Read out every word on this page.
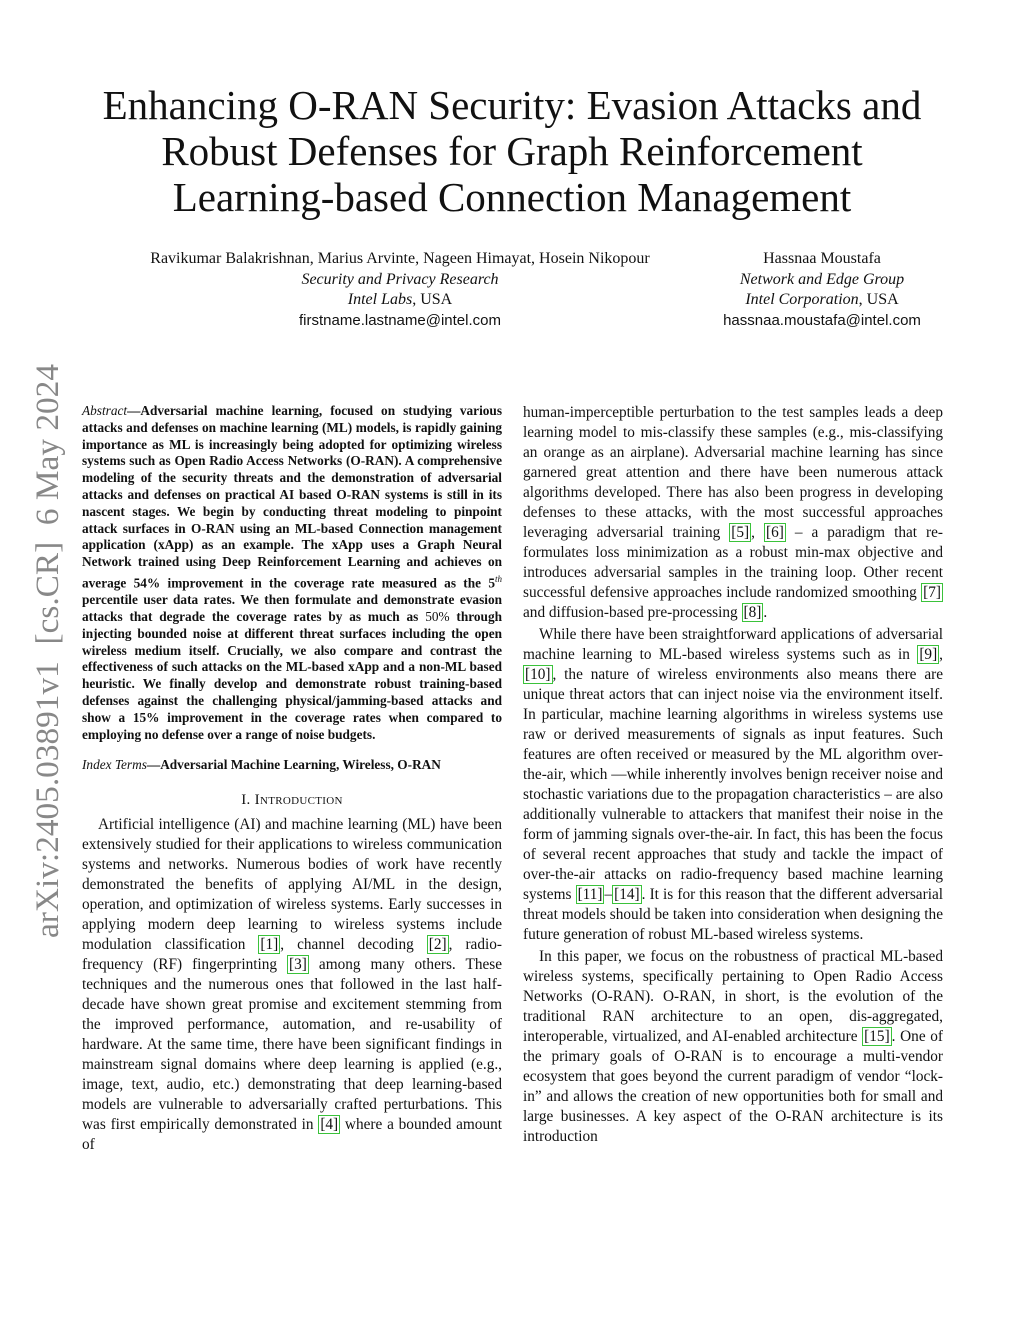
arXiv:2405.03891v1  [cs.CR]  6 May 2024
Enhancing O-RAN Security: Evasion Attacks and
Robust Defenses for Graph Reinforcement
Learning-based Connection Management
Ravikumar Balakrishnan, Marius Arvinte, Nageen Himayat, Hosein Nikopour
Security and Privacy Research
Intel Labs, USA
firstname.lastname@intel.com
Hassnaa Moustafa
Network and Edge Group
Intel Corporation, USA
hassnaa.moustafa@intel.com

Abstract—Adversarial machine learning, focused on studying various attacks and defenses on machine learning (ML) models, is rapidly gaining importance as ML is increasingly being adopted for optimizing wireless systems such as Open Radio Access Networks (O-RAN). A comprehensive modeling of the security threats and the demonstration of adversarial attacks and defenses on practical AI based O-RAN systems is still in its nascent stages. We begin by conducting threat modeling to pinpoint attack surfaces in O-RAN using an ML-based Connection management application (xApp) as an example. The xApp uses a Graph Neural Network trained using Deep Reinforcement Learning and achieves on average 54% improvement in the coverage rate measured as the 5th percentile user data rates. We then formulate and demonstrate evasion attacks that degrade the coverage rates by as much as 50% through injecting bounded noise at different threat surfaces including the open wireless medium itself. Crucially, we also compare and contrast the effectiveness of such attacks on the ML-based xApp and a non-ML based heuristic. We finally develop and demonstrate robust training-based defenses against the challenging physical/jamming-based attacks and show a 15% improvement in the coverage rates when compared to employing no defense over a range of noise budgets.

Index Terms—Adversarial Machine Learning, Wireless, O-RAN

I. Introduction

Artificial intelligence (AI) and machine learning (ML) have been extensively studied for their applications to wireless communication systems and networks. Numerous bodies of work have recently demonstrated the benefits of applying AI/ML in the design, operation, and optimization of wireless systems. Early successes in applying modern deep learning to wireless systems include modulation classification [1] , channel decoding [2] , radio-frequency (RF) fingerprinting [3] among many others. These techniques and the numerous ones that followed in the last half-decade have shown great promise and excitement stemming from the improved performance, automation, and re-usability of hardware. At the same time, there have been significant findings in mainstream signal domains where deep learning is applied (e.g., image, text, audio, etc.) demonstrating that deep learning-based models are vulnerable to adversarially crafted perturbations. This was first empirically demonstrated in [4] where a bounded amount of

human-imperceptible perturbation to the test samples leads a deep learning model to mis-classify these samples (e.g., mis-classifying an orange as an airplane). Adversarial machine learning has since garnered great attention and there have been numerous attack algorithms developed. There has also been progress in developing defenses to these attacks, with the most successful approaches leveraging adversarial training [5] , [6] – a paradigm that re-formulates loss minimization as a robust min-max objective and introduces adversarial samples in the training loop. Other recent successful defensive approaches include randomized smoothing [7] and diffusion-based pre-processing [8] .

While there have been straightforward applications of adversarial machine learning to ML-based wireless systems such as in [9] , [10] , the nature of wireless environments also means there are unique threat actors that can inject noise via the environment itself. In particular, machine learning algorithms in wireless systems use raw or derived measurements of signals as input features. Such features are often received or measured by the ML algorithm over-the-air, which —while inherently involves benign receiver noise and stochastic variations due to the propagation characteristics – are also additionally vulnerable to attackers that manifest their noise in the form of jamming signals over-the-air. In fact, this has been the focus of several recent approaches that study and tackle the impact of over-the-air attacks on radio-frequency based machine learning systems [11] – [14] . It is for this reason that the different adversarial threat models should be taken into consideration when designing the future generation of robust ML-based wireless systems.

In this paper, we focus on the robustness of practical ML-based wireless systems, specifically pertaining to Open Radio Access Networks (O-RAN). O-RAN, in short, is the evolution of the traditional RAN architecture to an open, dis-aggregated, interoperable, virtualized, and AI-enabled architecture [15] . One of the primary goals of O-RAN is to encourage a multi-vendor ecosystem that goes beyond the current paradigm of vendor “lock-in” and allows the creation of new opportunities both for small and large businesses. A key aspect of the O-RAN architecture is its introduction
